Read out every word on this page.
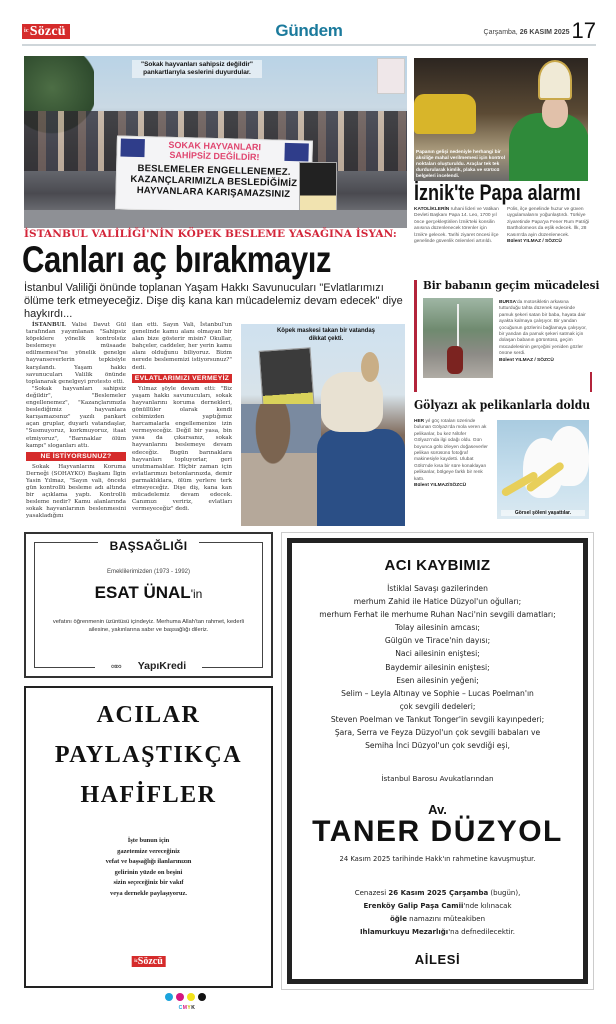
$^{ic}$Sözcü	Gündem	Çarşamba, 26 KASIM 202517
SOKAK HAYVANLARI SAHİPSİZ DEĞİLDİR!
BESLEMELER ENGELLENEMEZ. KAZANÇLARIMIZLA BESLEDİĞİMİZ HAYVANLARA KARIŞAMAZSINIZ
"Sokak hayvanları sahipsiz değildir" pankartlarıyla seslerini duyurdular.
İSTANBUL VALİLİĞİ'NİN KÖPEK BESLEME YASAĞINA İSYAN:
Canları aç bırakmayız
İstanbul Valiliği önünde toplanan Yaşam Hakkı Savunucuları "Evlatlarımızı ölüme terk etmeyeceğiz. Dişe diş kana kan mücadelemiz devam edecek" diye haykırdı...

İSTANBUL Valisi Davut Gül tarafından yayımlanan "Sahipsiz köpeklere yönelik kontrolsüz beslemeye müsaade edilmemesi"ne yönelik genelge hayvanseverlerin tepkisiyle karşılandı. Yaşam hakkı savunucuları Valilik önünde toplanarak genelgeyi protesto etti.

"Sokak hayvanları sahipsiz değildir", "Beslemeler engellenemez", "Kazançlarımızla beslediğimiz hayvanlara karışamazsınız" yazılı pankart açan gruplar, duyarlı vatandaşlar, "Susmuyoruz, korkmuyoruz, itaat etmiyoruz", "Barınaklar ölüm kampı" sloganları attı.

NE İSTİYORSUNUZ?

Sokak Hayvanlarını Koruma Derneği (SOHAYKO) Başkanı İlgin Yasin Yılmaz, "Sayın vali, önceki gün kontrollü besleme adı altında bir açıklama yaptı. Kontrollü besleme nedir? Kamu alanlarında sokak hayvanlarının beslenmesini yasakladığını

ilan etti. Sayın Vali, İstanbul'un genelinde kamu alanı olmayan bir alan bize gösterir misin? Okullar, bahçeler, caddeler, her yerin kamu alanı olduğunu biliyoruz. Bizim nerede beslememizi istiyorsunuz?" dedi.

EVLATLARIMIZI VERMEYİZ

Yılmaz şöyle devam etti: "Biz yaşam hakkı savunucuları, sokak hayvanlarını koruma dernekleri, gönüllüler olarak kendi cebimizden yaptığımız harcamalarla engellemenize izin vermeyeceğiz. Değil bir yasa, bin yasa da çıkarsanız, sokak hayvanlarını beslemeye devam edeceğiz. Bugün barınaklara hayvanları topluyorlar, geri unutmamalılar. Hiçbir zaman için evlatlarımızı betonlarınızda, demir parmaklıklara, ölüm yerlere terk etmeyeceğiz. Dişe diş, kana kan mücadelemiz devam edecek. Canımızı veririz, evlatları vermeyeceğiz" dedi.

Köpek maskesi takan bir vatandaş dikkat çekti.
Papanın gelişi nedeniyle herhangi bir aksiliğe mahal verilmemesi için kontrol noktaları oluşturuldu. Araçlar tek tek durdurularak kimlik, plaka ve sürücü belgeleri incelendi.
İznik'te Papa alarmı
KATOLİKLERİN ruhani lideri ve Vatikan Devleti Başkanı Papa 14. Leo, 1700 yıl önce gerçekleştirilen İznik'teki konsilin anısına düzenlenecek törenler için İznik'e gelecek. Tarihi ziyaret öncesi ilçe genelinde güvenlik önlemleri artırıldı. Polis, ilçe genelinde huzur ve güven uygulamalarını yoğunlaştırdı. Türkiye ziyaretinde Papa'ya Fener Rum Patriği Bartholomeos da eşlik edecek. İlk, 28 Kasım'da ayin düzenlenecek.
Bülent YILMAZ / SÖZCÜ
Bir babanın geçim mücadelesi
BURSA'da motosikletin arkasına tutturduğu tahta düzenek sayesinde pamuk şekeri satan bir baba, hayata dair ayakta kalmaya çalışıyor. Bir yandan çocuğunun gözlerini bağlamaya çalışıyor, bir yandan da pamuk şekeri satmak için dolaşan babanın görüntüsü, geçim mücadelesinin gerçeğini yeniden gözler önüne serdi.
Bülent YILMAZ / SÖZCÜ
Gölyazı ak pelikanlarla doldu
HER yıl göç rotaları üzerinde bulunan Gölyazı'da mola veren ak pelikanlar, bu kez Nilüfer Gölyazı'nda ilgi odağı oldu. Gün boyunca gölü izleyen doğaseverler pelikan sürüsünü fotoğraf makinesiyle kaydetti. Ulubat Gölü'nde kısa bir süre konaklayan pelikanlar, bölgeye farklı bir renk kattı.
Bülent YILMAZ/SÖZCÜ
Görsel şöleni yaşattılar.
BAŞSAĞLIĞI
Emeklilerimizden (1973 - 1992)
ESAT ÜNAL'in
vefatını öğrenmenin üzüntüsü içindeyiz. Merhuma Allah'tan rahmet, kederli ailesine, yakınlarına sabır ve başsağlığı dileriz.
∞∞ YapıKredi
ACILAR
PAYLAŞTIKÇA
HAFİFLER
İşte bunun için
gazetemize vereceğiniz
vefat ve başsağlığı ilanlarınızın
gelirinin yüzde on beşini
sizin seçeceğiniz bir vakıf
veya dernekle paylaşıyoruz.
$^{ic}$Sözcü
ACI KAYBIMIZ
İstiklal Savaşı gazilerinden
merhum Zahid ile Hatice Düzyol'un oğulları;
merhum Ferhat ile merhume Ruhan Naci'nin sevgili damatları;
Tolay ailesinin amcası;
Gülgün ve Tirace'nin dayısı;
Naci ailesinin eniştesi;
Baydemir ailesinin eniştesi;
Esen ailesinin yeğeni;
Selim – Leyla Altınay ve Sophie – Lucas Poelman'ın
çok sevgili dedeleri;
Steven Poelman ve Tankut Tonger'in sevgili kayınpederi;
Şara, Serra ve Feyza Düzyol'un çok sevgili babaları ve
Semiha İnci Düzyol'un çok sevdiği eşi,
İstanbul Barosu Avukatlarından
Av.
TANER DÜZYOL
24 Kasım 2025 tarihinde Hakk'ın rahmetine kavuşmuştur.
Cenazesi 26 Kasım 2025 Çarşamba (bugün),
Erenköy Galip Paşa Camii'nde kılınacak
öğle namazını müteakiben
Ihlamurkuyu Mezarlığı'na defnedilecektir.
AİLESİ
CMYK
